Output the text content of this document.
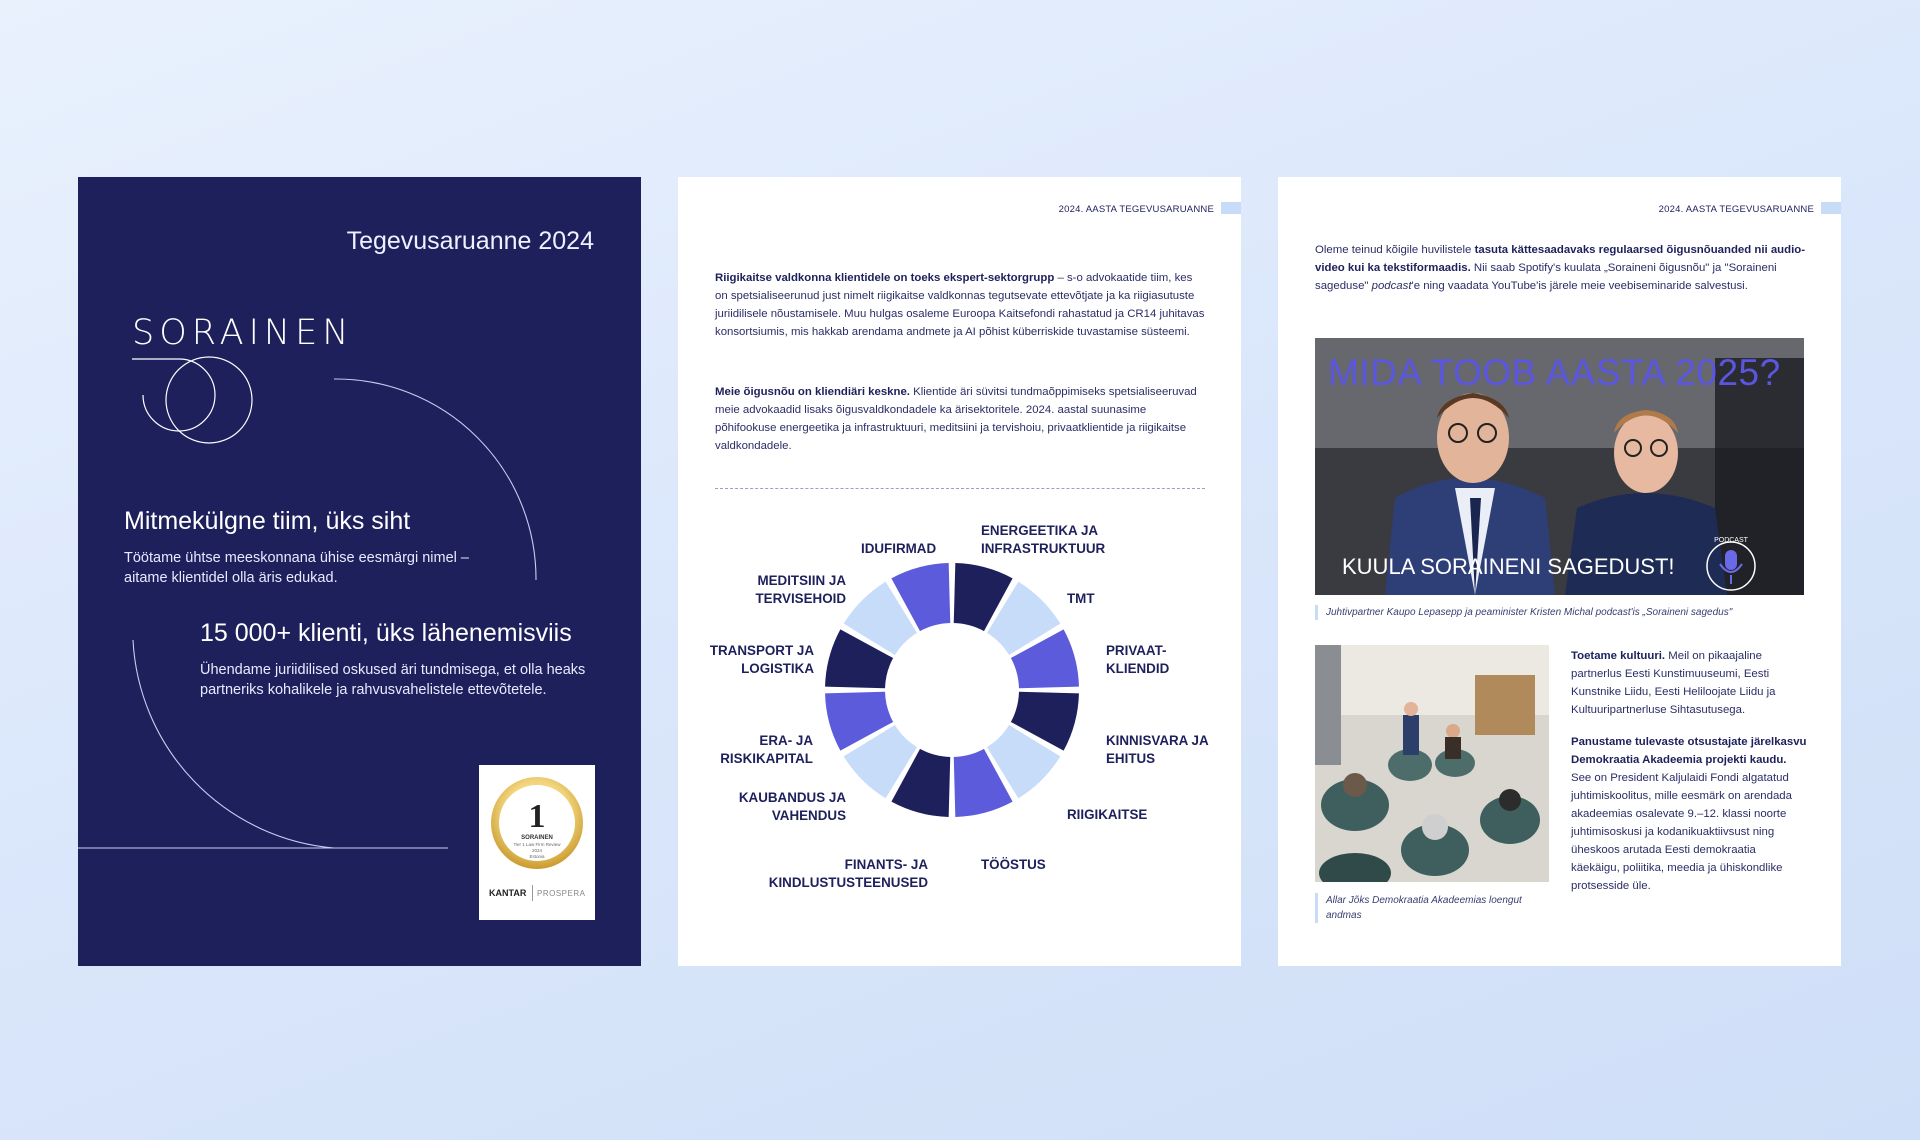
Tegevusaruanne 2024
SORAINEN
Mitmekülgne tiim, üks siht
Töötame ühtse meeskonnana ühise eesmärgi nimel – aitame klientidel olla äris edukad.
15 000+ klienti, üks lähenemisviis
Ühendame juriidilised oskused äri tundmisega, et olla heaks partneriks kohalikele ja rahvusvahelistele ettevõtetele.
1
SORAINEN
Tier 1 Law Firm Review
2024
Estonia
KANTAR PROSPERA
2024. AASTA TEGEVUSARUANNE
Riigikaitse valdkonna klientidele on toeks ekspert-sektorgrupp – s-o advokaatide tiim, kes on spetsialiseerunud just nimelt riigikaitse valdkonnas tegutsevate ettevõtjate ja ka riigiasutuste juriidilisele nõustamisele. Muu hulgas osaleme Euroopa Kaitsefondi rahastatud ja CR14 juhitavas konsortsiumis, mis hakkab arendama andmete ja AI põhist küberriskide tuvastamise süsteemi.
Meie õigusnõu on kliendiäri keskne. Klientide äri süvitsi tundmaõppimiseks spetsialiseeruvad meie advokaadid lisaks õigusvaldkondadele ka ärisektoritele. 2024. aastal suunasime põhifookuse energeetika ja infrastruktuuri, meditsiini ja tervishoiu, privaatklientide ja riigikaitse valdkondadele.
IDUFIRMAD
ENERGEETIKA JA
INFRASTRUKTUUR
MEDITSIIN JA
TERVISEHOID	TMT
TRANSPORT JA
LOGISTIKA
PRIVAAT-
KLIENDID
ERA- JA
RISKIKAPITAL
KINNISVARA JA
EHITUS
KAUBANDUS JA
VAHENDUS	RIIGIKAITSE
FINANTS- JA
KINDLUSTUSTEENUSED
TÖÖSTUS
2024. AASTA TEGEVUSARUANNE
Oleme teinud kõigile huvilistele tasuta kättesaadavaks regulaarsed õigusnõuanded nii audio- video kui ka tekstiformaadis. Nii saab Spotify's kuulata „Soraineni õigusnõu" ja "Soraineni sageduse" podcast'e ning vaadata YouTube'is järele meie veebiseminaride salvestusi.
PODCAST
MIDA TOOB AASTA 2025?
KUULA SORAINENI SAGEDUST!
Juhtivpartner Kaupo Lepasepp ja peaminister Kristen Michal podcast'is „Soraineni sagedus"
Allar Jõks Demokraatia Akadeemias loengut andmas
Toetame kultuuri. Meil on pikaajaline partnerlus Eesti Kunstimuuseumi, Eesti Kunstnike Liidu, Eesti Heliloojate Liidu ja Kultuuripartnerluse Sihtasutusega.
Panustame tulevaste otsustajate järelkasvu Demokraatia Akadeemia projekti kaudu. See on President Kaljulaidi Fondi algatatud juhtimiskoolitus, mille eesmärk on arendada akadeemias osalevate 9.–12. klassi noorte juhtimisoskusi ja kodanikuaktiivsust ning üheskoos arutada Eesti demokraatia käekäigu, poliitika, meedia ja ühiskondlike protsesside üle.
